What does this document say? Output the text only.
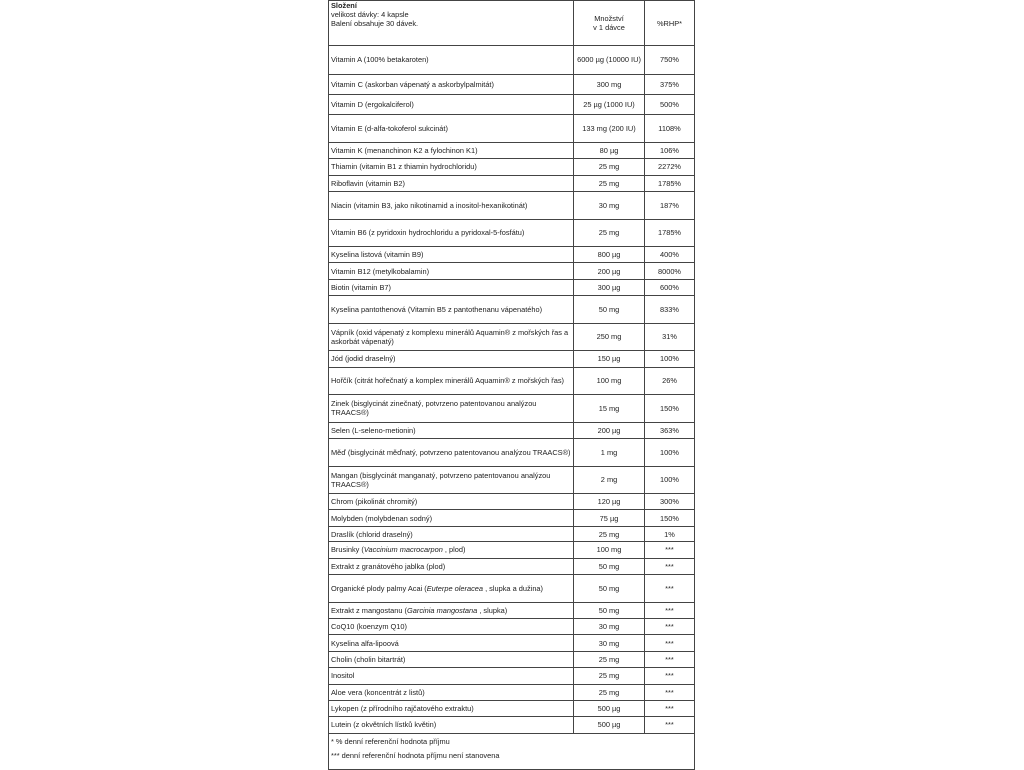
Složení
velikost dávky: 4 kapsle
Balení obsahuje 30 dávek.	Množství
v 1 dávce	%RHP*
Vitamin A (100% betakaroten)	6000 µg (10000 IU)	750%
Vitamin C (askorban vápenatý a askorbylpalmitát)	300 mg	375%
Vitamin D (ergokalciferol)	25 µg (1000 IU)	500%
Vitamin E (d-alfa-tokoferol sukcinát)	133 mg (200 IU)	1108%
Vitamin K (menanchinon K2 a fylochinon K1)	80 µg	106%
Thiamin (vitamin B1 z thiamin hydrochloridu)	25 mg	2272%
Riboflavin (vitamin B2)	25 mg	1785%
Niacin (vitamin B3, jako nikotinamid a inositol-hexanikotinát)	30 mg	187%
Vitamin B6 (z pyridoxin hydrochloridu a pyridoxal-5-fosfátu)	25 mg	1785%
Kyselina listová (vitamin B9)	800 µg	400%
Vitamin B12 (metylkobalamin)	200 µg	8000%
Biotin (vitamin B7)	300 µg	600%
Kyselina pantothenová (Vitamin B5 z pantothenanu vápenatého)	50 mg	833%
Vápník (oxid vápenatý z komplexu minerálů Aquamin® z mořských řas a askorbát vápenatý)	250 mg	31%
Jód (jodid draselný)	150 µg	100%
Hořčík (citrát hořečnatý a komplex minerálů Aquamin® z mořských řas)	100 mg	26%
Zinek (bisglycinát zinečnatý, potvrzeno patentovanou analýzou TRAACS®)	15 mg	150%
Selen (L-seleno-metionin)	200 µg	363%
Měď (bisglycinát měďnatý, potvrzeno patentovanou analýzou TRAACS®)	1 mg	100%
Mangan (bisglycinát manganatý, potvrzeno patentovanou analýzou TRAACS®)	2 mg	100%
Chrom (pikolinát chromitý)	120 µg	300%
Molybden (molybdenan sodný)	75 µg	150%
Draslík (chlorid draselný)	25 mg	1%
Brusinky (Vaccinium macrocarpon , plod)	100 mg	***
Extrakt z granátového jablka (plod)	50 mg	***
Organické plody palmy Acai (Euterpe oleracea , slupka a dužina)	50 mg	***
Extrakt z mangostanu (Garcinia mangostana , slupka)	50 mg	***
CoQ10 (koenzym Q10)	30 mg	***
Kyselina alfa-lipoová	30 mg	***
Cholin (cholin bitartrát)	25 mg	***
Inositol	25 mg	***
Aloe vera (koncentrát z listů)	25 mg	***
Lykopen (z přírodního rajčatového extraktu)	500 µg	***
Lutein (z okvětních lístků květin)	500 µg	***

* % denní referenční hodnota příjmu
*** denní referenční hodnota příjmu není stanovena		
